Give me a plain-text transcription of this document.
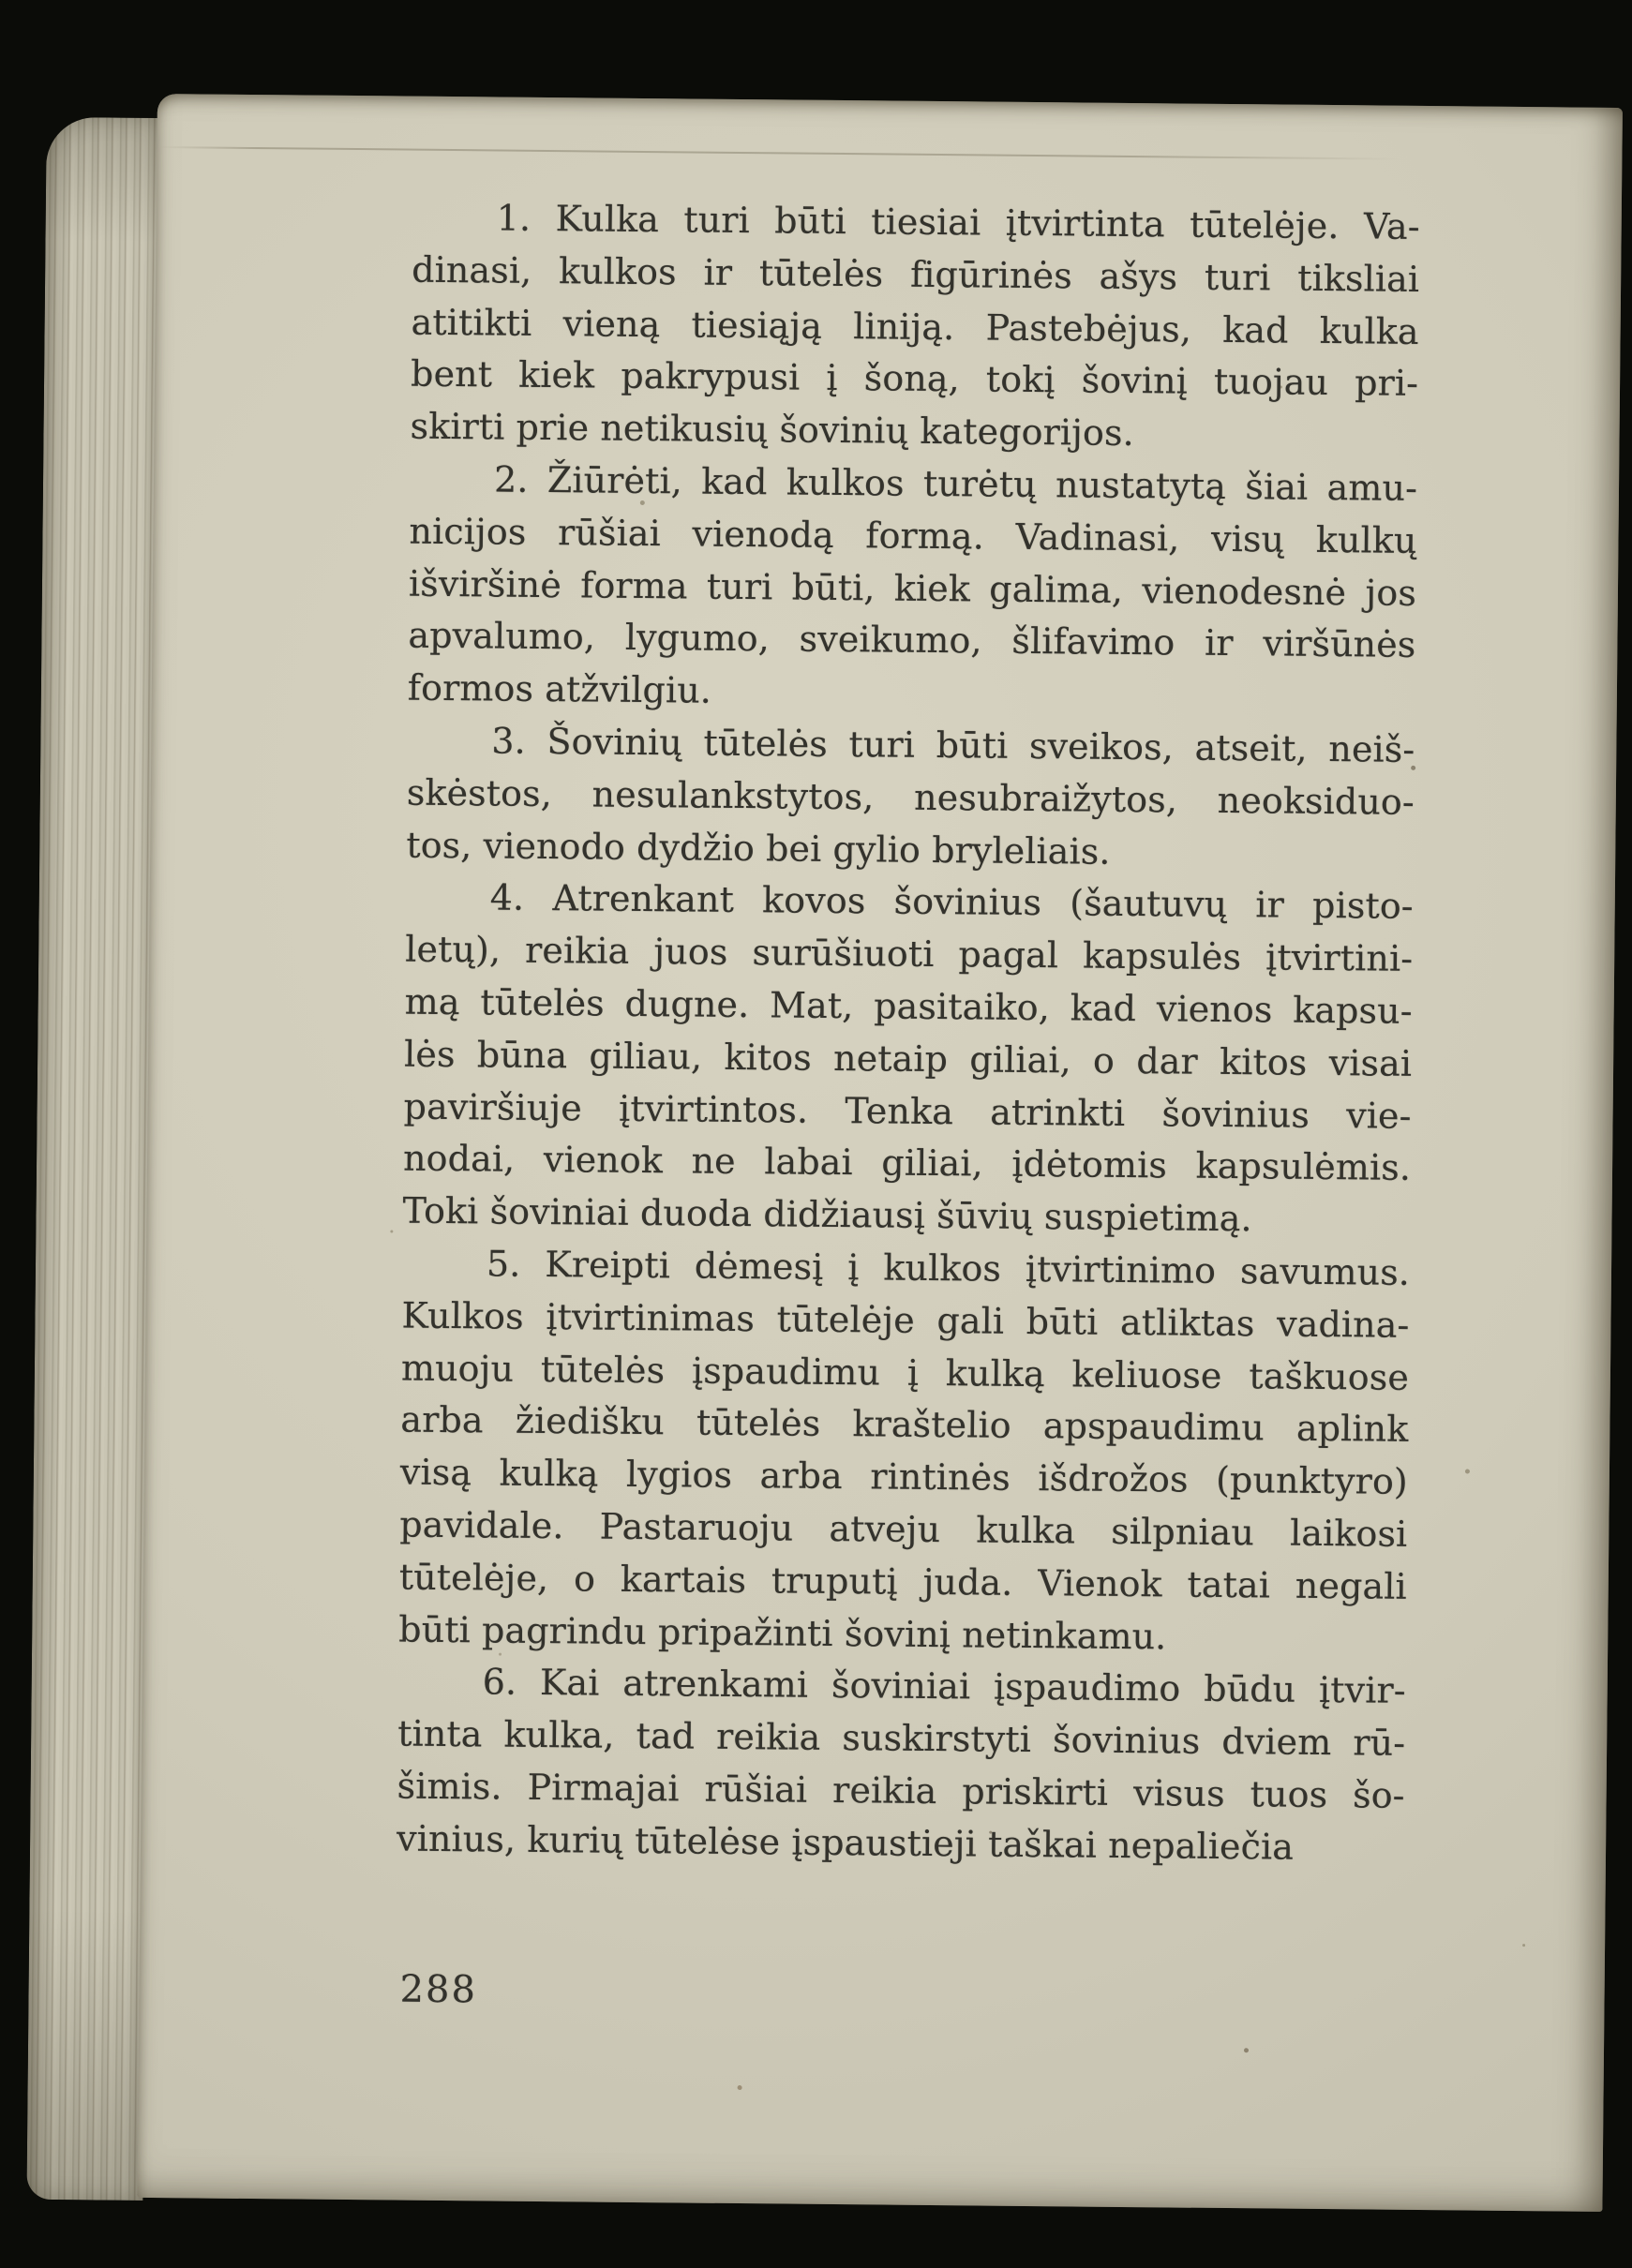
1. Kulka turi būti tiesiai įtvirtinta tūtelėje. Va-
dinasi, kulkos ir tūtelės figūrinės ašys turi tiksliai
atitikti vieną tiesiąją liniją. Pastebėjus, kad kulka
bent kiek pakrypusi į šoną, tokį šovinį tuojau pri-
skirti prie netikusių šovinių kategorijos.
2. Žiūrėti, kad kulkos turėtų nustatytą šiai amu-
nicijos rūšiai vienodą formą. Vadinasi, visų kulkų
išviršinė forma turi būti, kiek galima, vienodesnė jos
apvalumo, lygumo, sveikumo, šlifavimo ir viršūnės
formos atžvilgiu.
3. Šovinių tūtelės turi būti sveikos, atseit, neiš-
skėstos, nesulankstytos, nesubraižytos, neoksiduo-
tos, vienodo dydžio bei gylio bryleliais.
4. Atrenkant kovos šovinius (šautuvų ir pisto-
letų), reikia juos surūšiuoti pagal kapsulės įtvirtini-
mą tūtelės dugne. Mat, pasitaiko, kad vienos kapsu-
lės būna giliau, kitos netaip giliai, o dar kitos visai
paviršiuje įtvirtintos. Tenka atrinkti šovinius vie-
nodai, vienok ne labai giliai, įdėtomis kapsulėmis.
Toki šoviniai duoda didžiausį šūvių suspietimą.
5. Kreipti dėmesį į kulkos įtvirtinimo savumus.
Kulkos įtvirtinimas tūtelėje gali būti atliktas vadina-
muoju tūtelės įspaudimu į kulką keliuose taškuose
arba žiedišku tūtelės kraštelio apspaudimu aplink
visą kulką lygios arba rintinės išdrožos (punktyro)
pavidale. Pastaruoju atveju kulka silpniau laikosi
tūtelėje, o kartais truputį juda. Vienok tatai negali
būti pagrindu pripažinti šovinį netinkamu.
6. Kai atrenkami šoviniai įspaudimo būdu įtvir-
tinta kulka, tad reikia suskirstyti šovinius dviem rū-
šimis. Pirmajai rūšiai reikia priskirti visus tuos šo-
vinius, kurių tūtelėse įspaustieji taškai nepaliečia
288
